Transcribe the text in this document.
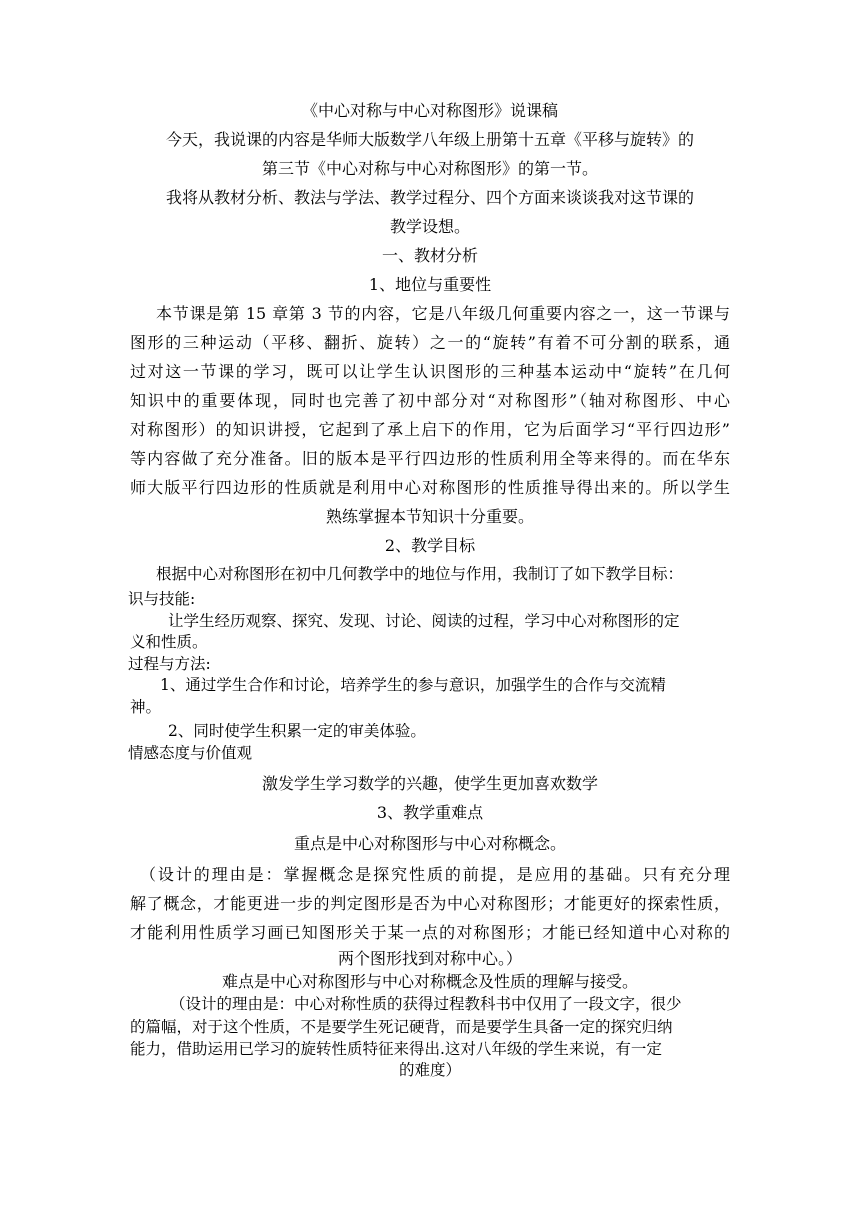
《中心对称与中心对称图形》说课稿

今天，我说课的内容是华师大版数学八年级上册第十五章《平移与旋转》的

第三节《中心对称与中心对称图形》的第一节。

我将从教材分析、教法与学法、教学过程分、四个方面来谈谈我对这节课的

教学设想。

一、教材分析

1、地位与重要性

本节课是第 15 章第 3 节的内容，它是八年级几何重要内容之一，这一节课与

图形的三种运动（平移、翻折、旋转）之一的“旋转”有着不可分割的联系，通

过对这一节课的学习，既可以让学生认识图形的三种基本运动中“旋转”在几何

知识中的重要体现，同时也完善了初中部分对“对称图形”（轴对称图形、中心

对称图形）的知识讲授，它起到了承上启下的作用，它为后面学习“平行四边形”

等内容做了充分准备。旧的版本是平行四边形的性质利用全等来得的。而在华东

师大版平行四边形的性质就是利用中心对称图形的性质推导得出来的。所以学生

熟练掌握本节知识十分重要。

2、教学目标

根据中心对称图形在初中几何教学中的地位与作用，我制订了如下教学目标：

识与技能:

让学生经历观察、探究、发现、讨论、阅读的过程，学习中心对称图形的定

义和性质。

过程与方法:

1、通过学生合作和讨论，培养学生的参与意识，加强学生的合作与交流精

神。

2、同时使学生积累一定的审美体验。

情感态度与价值观

激发学生学习数学的兴趣，使学生更加喜欢数学

3、教学重难点

重点是中心对称图形与中心对称概念。

（设计的理由是：掌握概念是探究性质的前提，是应用的基础。只有充分理

解了概念，才能更进一步的判定图形是否为中心对称图形；才能更好的探索性质，

才能利用性质学习画已知图形关于某一点的对称图形；才能已经知道中心对称的

两个图形找到对称中心。）

难点是中心对称图形与中心对称概念及性质的理解与接受。

（设计的理由是：中心对称性质的获得过程教科书中仅用了一段文字，很少

的篇幅，对于这个性质，不是要学生死记硬背，而是要学生具备一定的探究归纳

能力，借助运用已学习的旋转性质特征来得出.这对八年级的学生来说，有一定

的难度）
